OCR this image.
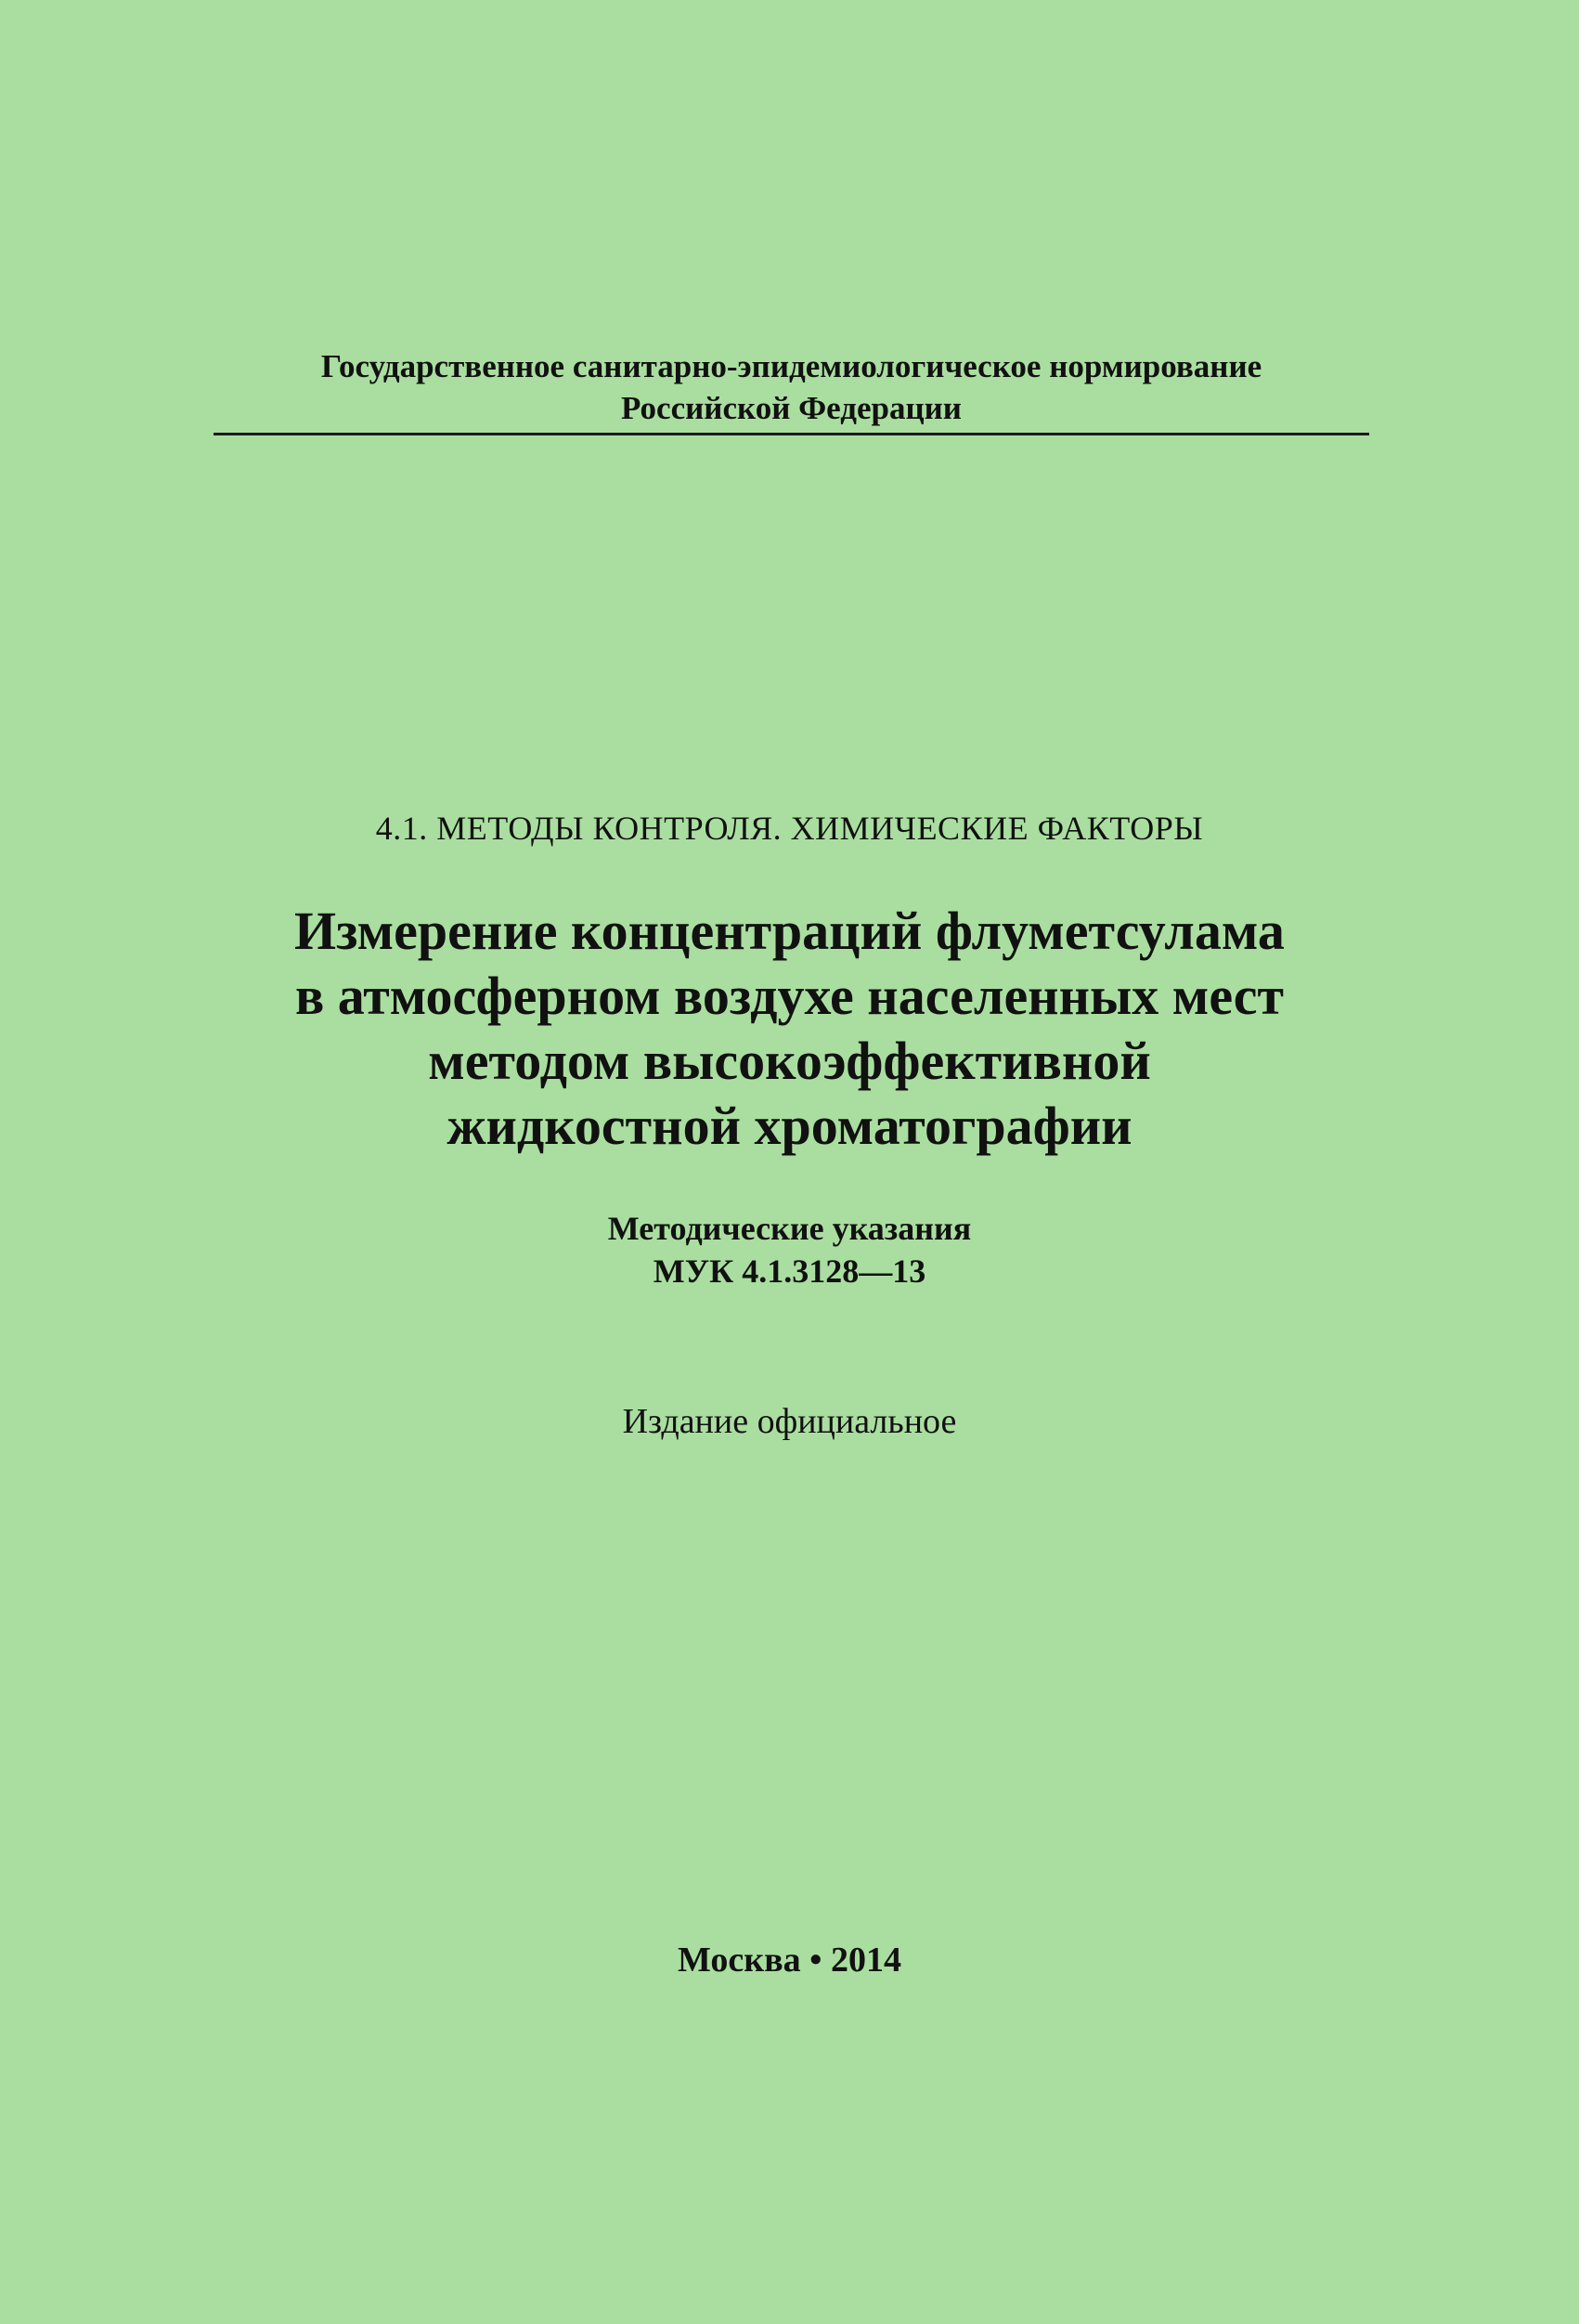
Государственное санитарно-эпидемиологическое нормирование
Российской Федерации
4.1. МЕТОДЫ КОНТРОЛЯ. ХИМИЧЕСКИЕ ФАКТОРЫ
Измерение концентраций флуметсулама
в атмосферном воздухе населенных мест
методом высокоэффективной
жидкостной хроматографии
Методические указания
МУК 4.1.3128—13
Издание официальное
Москва • 2014
